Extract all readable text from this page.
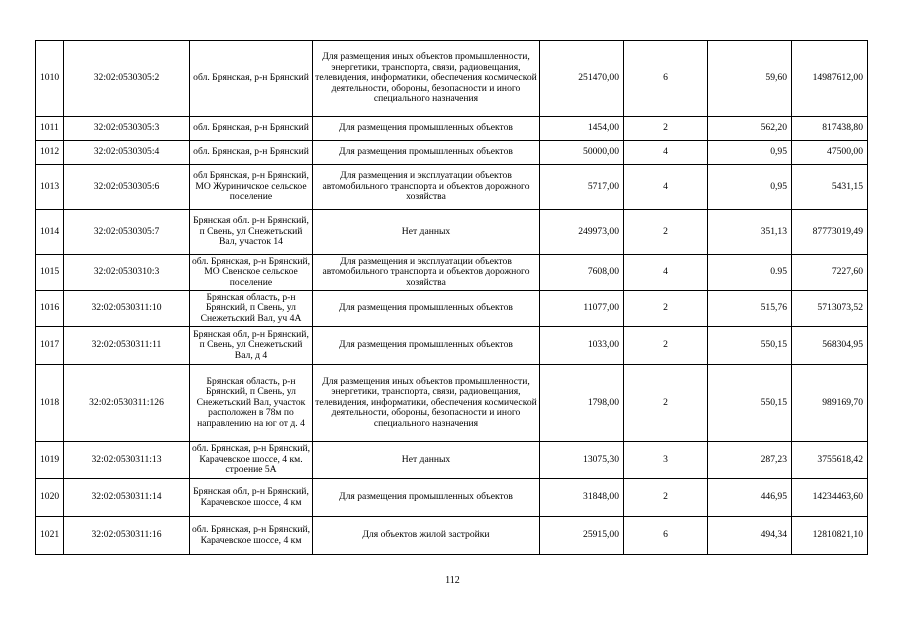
1010	32:02:0530305:2	обл. Брянская, р-н Брянский	Для размещения иных объектов промышленности, энергетики, транспорта, связи, радиовещания, телевидения, информатики, обеспечения космической деятельности, обороны, безопасности и иного специального назначения	251470,00	6	59,60	14987612,00
1011	32:02:0530305:3	обл. Брянская, р-н Брянский	Для размещения промышленных объектов	1454,00	2	562,20	817438,80
1012	32:02:0530305:4	обл. Брянская, р-н Брянский	Для размещения промышленных объектов	50000,00	4	0,95	47500,00
1013	32:02:0530305:6	обл Брянская, р-н Брянский, МО Журиничское сельское поселение	Для размещения и эксплуатации объектов автомобильного транспорта и объектов дорожного хозяйства	5717,00	4	0,95	5431,15
1014	32:02:0530305:7	Брянская обл. р-н Брянский, п Свень, ул Снежетьский Вал, участок 14	Нет данных	249973,00	2	351,13	87773019,49
1015	32:02:0530310:3	обл. Брянская, р-н Брянский, МО Свенское сельское поселение	Для размещения и эксплуатации объектов автомобильного транспорта и объектов дорожного хозяйства	7608,00	4	0.95	7227,60
1016	32:02:0530311:10	Брянская область, р-н Брянский, п Свень, ул Снежетьский Вал, уч 4А	Для размещения промышленных объектов	11077,00	2	515,76	5713073,52
1017	32:02:0530311:11	Брянская обл, р-н Брянский, п Свень, ул Снежетьский Вал, д 4	Для размещения промышленных объектов	1033,00	2	550,15	568304,95
1018	32:02:0530311:126	Брянская область, р-н Брянский, п Свень, ул Снежетьский Вал, участок расположен в 78м по направлению на юг от д. 4	Для размещения иных объектов промышленности, энергетики, транспорта, связи, радиовещания, телевидения, информатики, обеспечения космической деятельности, обороны, безопасности и иного специального назначения	1798,00	2	550,15	989169,70
1019	32:02:0530311:13	обл. Брянская, р-н Брянский, Карачевское шоссе, 4 км. строение 5А	Нет данных	13075,30	3	287,23	3755618,42
1020	32:02:0530311:14	Брянская обл, р-н Брянский, Карачевское шоссе, 4 км	Для размещения промышленных объектов	31848,00	2	446,95	14234463,60
1021	32:02:0530311:16	обл. Брянская, р-н Брянский, Карачевское шоссе, 4 км	Для объектов жилой застройки	25915,00	6	494,34	12810821,10
112
